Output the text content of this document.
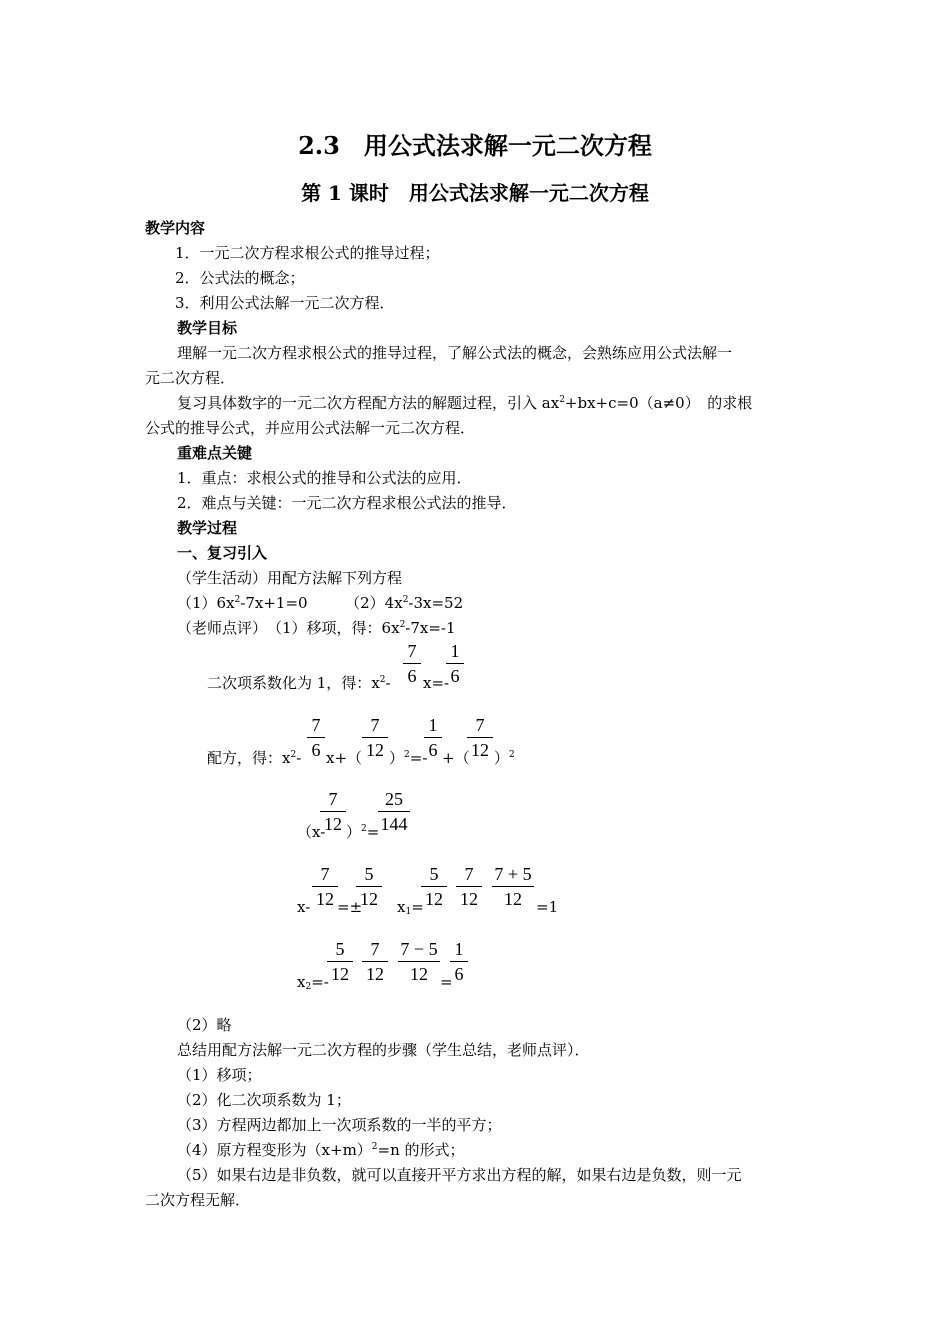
2.3　用公式法求解一元二次方程
第 1 课时　用公式法求解一元二次方程
教学内容
1．一元二次方程求根公式的推导过程；
2．公式法的概念；
3．利用公式法解一元二次方程．
教学目标
理解一元二次方程求根公式的推导过程，了解公式法的概念，会熟练应用公式法解一
元二次方程．
复习具体数字的一元二次方程配方法的解题过程，引入 $ax^2+bx+c=0(a\ne 0)$　的求根
公式的推导公式，并应用公式法解一元二次方程．
重难点关键
1．重点：求根公式的推导和公式法的应用．
2．难点与关键：一元二次方程求根公式法的推导．
教学过程
一、复习引入
（学生活动）用配方法解下列方程
$(1)6x^2-7x+1=0$	$(2)4x^2-3x=52$
（老师点评）　（1）移项，得：$6x^2-7x=-1$
二次项系数化为 1，得：$x^2-$
7
6 x=-
1
6
配方，得：$x^2-$
7
6 x+（
7
12 ）$^2$=-
1
6 +（
7
12 ）$^2$
（x-
7
12 ）$^2$=
25
144
x-
7
12 =±
5
12 $x_1=$
5
12
7
12
7 + 5
12 =1
$x_2=-$
5
12
7
12
7 − 5
12 =
1
6
（2）略
总结用配方法解一元二次方程的步骤（学生总结，老师点评）．
（1）移项；
（2）化二次项系数为 1；
（3）方程两边都加上一次项系数的一半的平方；
（4）原方程变形为$(x+m)^2=n$ 的形式；
（5）如果右边是非负数，就可以直接开平方求出方程的解，如果右边是负数，则一元
二次方程无解．
